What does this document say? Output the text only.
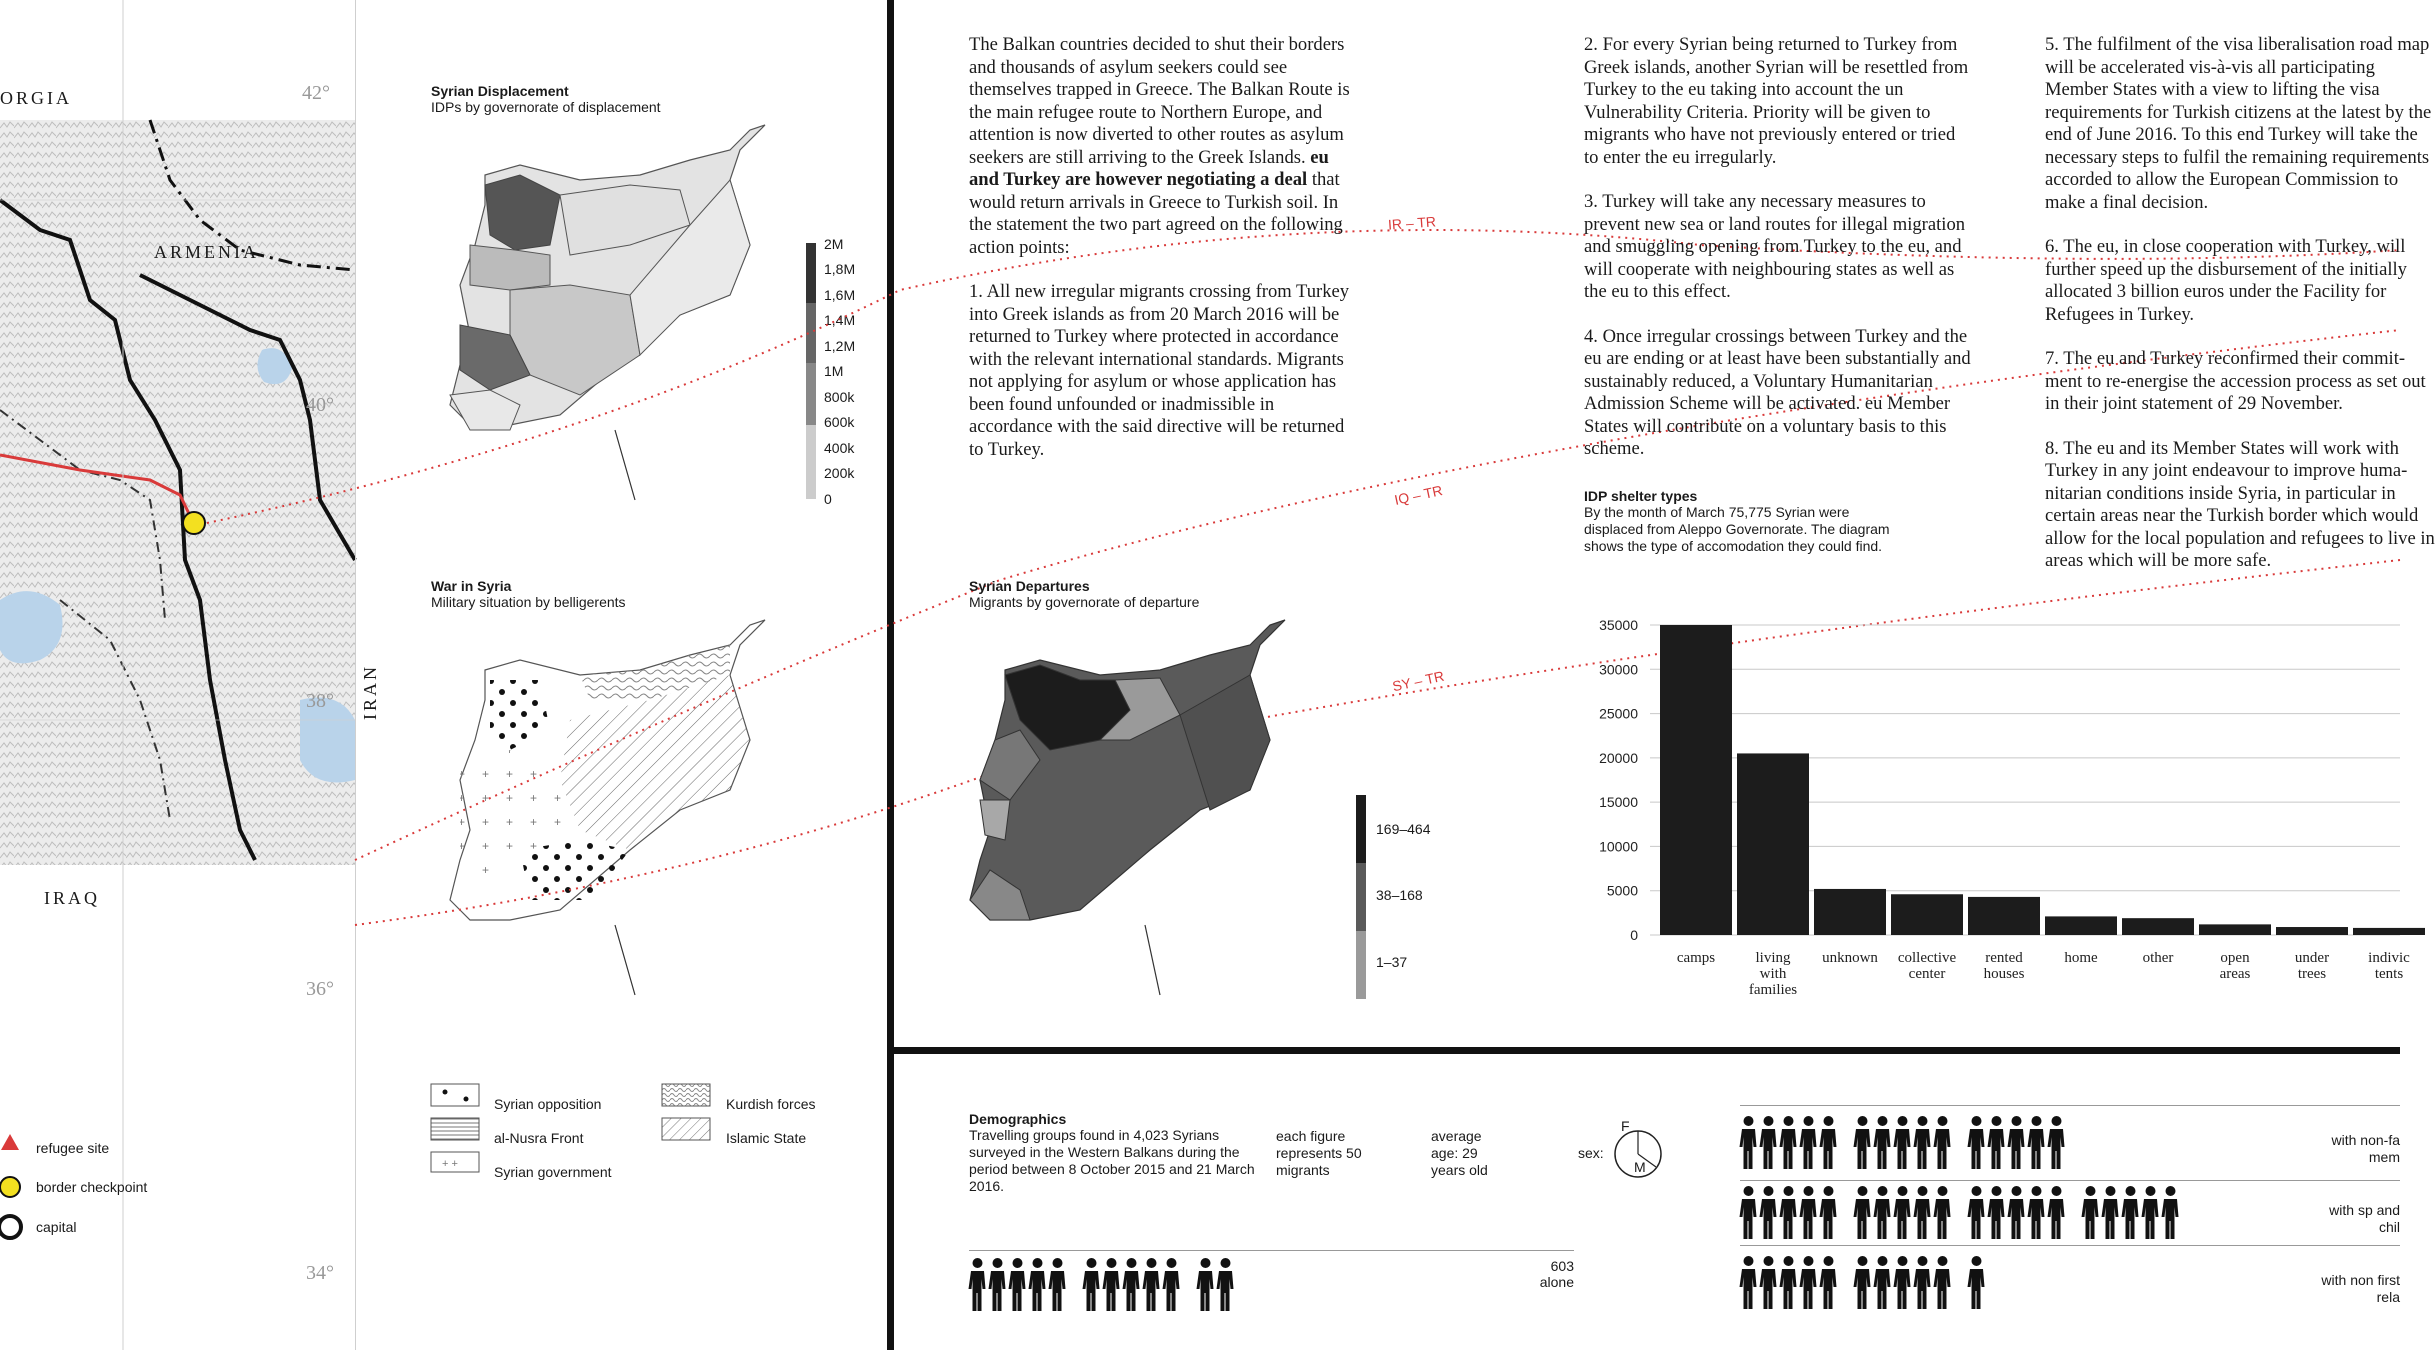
ORGIA
ARMENIA
IRAN
IRAQ
42°
40°
38°
36°
34°
refugee site
border checkpoint
capital
Syrian Displacement
IDPs by governorate of displacement
2M
1,8M
1,6M
1,4M
1,2M
1M
800k
600k
400k
200k
0
War in Syria
Military situation by belligerents
+ +
Syrian opposition
al-Nusra Front
Syrian government
Kurdish forces
Islamic State
IR – TR
IQ – TR
SY – TR

The Balkan countries decided to shut their borders and thousands of asylum seekers could see themselves trapped in Greece. The Balkan Route is the main refugee route to Northern Europe, and attention is now diverted to other routes as asylum seekers are still arriving to the Greek Islands. eu and Turkey are however negotiating a deal that would return arrivals in Greece to Turkish soil. In the statement the two part agreed on the following action points:

1. All new irregular migrants crossing from Turkey into Greek islands as from 20 March 2016 will be returned to Turkey where protected in accordance with the relevant international standards. Migrants not applying for asylum or whose application has been found unfounded or inadmissible in accordance with the said directive will be returned to Turkey.

2. For every Syrian being returned to Turkey from Greek islands, another Syrian will be resettled from Turkey to the eu taking into account the un Vulnerability Criteria. Priority will be given to migrants who have not previously entered or tried to enter the eu irregularly.

3. Turkey will take any necessary measures to prevent new sea or land routes for illegal migration and smuggling opening from Turkey to the eu, and will cooperate with neighbouring states as well as the eu to this effect.

4. Once irregular crossings between Turkey and the eu are ending or at least have been substantially and sustainably reduced, a Voluntary Humanitarian Admission Scheme will be activated. eu Member States will contribute on a voluntary basis to this scheme.

5. The fulfilment of the visa liberalisation road map will be accelerated vis-à-vis all participating Member States with a view to lifting the visa requirements for Turkish citizens at the latest by the end of June 2016. To this end Turkey will take the necessary steps to fulfil the remaining requirements accorded to allow the European Commission to make a final decision.

6. The eu, in close cooperation with Turkey, will further speed up the disbursement of the initially allocated 3 billion euros under the Facility for Refugees in Turkey.

7. The eu and Turkey reconfirmed their commitment to re-energise the accession process as set out in their joint statement of 29 November.

8. The eu and its Member States will work with Turkey in any joint endeavour to improve humanitarian conditions inside Syria, in particular in certain areas near the Turkish border which would allow for the local population and refugees to live in areas which will be more safe.

Syrian Departures
Migrants by governorate of departure
169–464
38–168
1–37
IDP shelter types
By the month of March 75,775 Syrian were displaced from Aleppo Governorate. The diagram shows the type of accomodation they could find.
0
5000
10000
15000
20000
25000
30000
35000
camps	living
with
families
unknown collective
center
rented
houses
home	other	open
areas
under
trees
indivic
tents
Demographics
Travelling groups found in 4,023 Syrians surveyed in the Western Balkans during the period between 8 October 2015 and 21 March 2016.
each figure represents 50 migrants
average age: 29 years old
sex:
F
M
603
alone
with non-fa mem
with sp and chil
with non first rela
